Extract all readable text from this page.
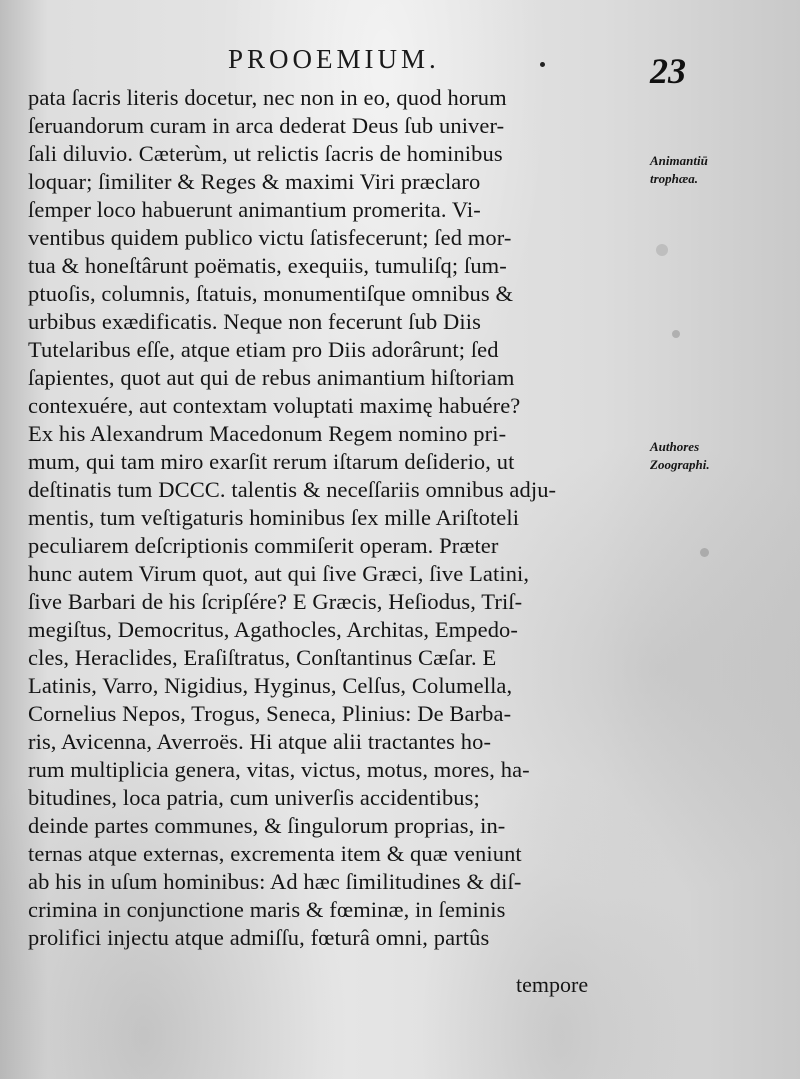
PROOEMIUM.	23
pata ſacris literis docetur, nec non in eo, quod horum
ſeruandorum curam in arca dederat Deus ſub univer-
ſali diluvio. Cæterùm, ut relictis ſacris de hominibus
loquar; ſimiliter & Reges & maximi Viri præclaro
ſemper loco habuerunt animantium promerita. Vi-
ventibus quidem publico victu ſatisfecerunt; ſed mor-
tua & honeſtârunt poëmatis, exequiis, tumuliſq; ſum-
ptuoſis, columnis, ſtatuis, monumentiſque omnibus &
urbibus exædificatis. Neque non fecerunt ſub Diis
Tutelaribus eſſe, atque etiam pro Diis adorârunt; ſed
ſapientes, quot aut qui de rebus animantium hiſtoriam
contexuére, aut contextam voluptati maximę habuére?
Ex his Alexandrum Macedonum Regem nomino pri-
mum, qui tam miro exarſit rerum iſtarum deſiderio, ut
deſtinatis tum DCCC. talentis & neceſſariis omnibus adju-
mentis, tum veſtigaturis hominibus ſex mille Ariſtoteli
peculiarem deſcriptionis commiſerit operam. Præter
hunc autem Virum quot, aut qui ſive Græci, ſive Latini,
ſive Barbari de his ſcripſére? E Græcis, Heſiodus, Triſ-
megiſtus, Democritus, Agathocles, Architas, Empedo-
cles, Heraclides, Eraſiſtratus, Conſtantinus Cæſar. E
Latinis, Varro, Nigidius, Hyginus, Celſus, Columella,
Cornelius Nepos, Trogus, Seneca, Plinius: De Barba-
ris, Avicenna, Averroës. Hi atque alii tractantes ho-
rum multiplicia genera, vitas, victus, motus, mores, ha-
bitudines, loca patria, cum univerſis accidentibus;
deinde partes communes, & ſingulorum proprias, in-
ternas atque externas, excrementa item & quæ veniunt
ab his in uſum hominibus: Ad hæc ſimilitudines & diſ-
crimina in conjunctione maris & fœminæ, in ſeminis
prolifici injectu atque admiſſu, fœturâ omni, partûs
tempore
Animantiū
trophæa.
Authores
Zoographi.
